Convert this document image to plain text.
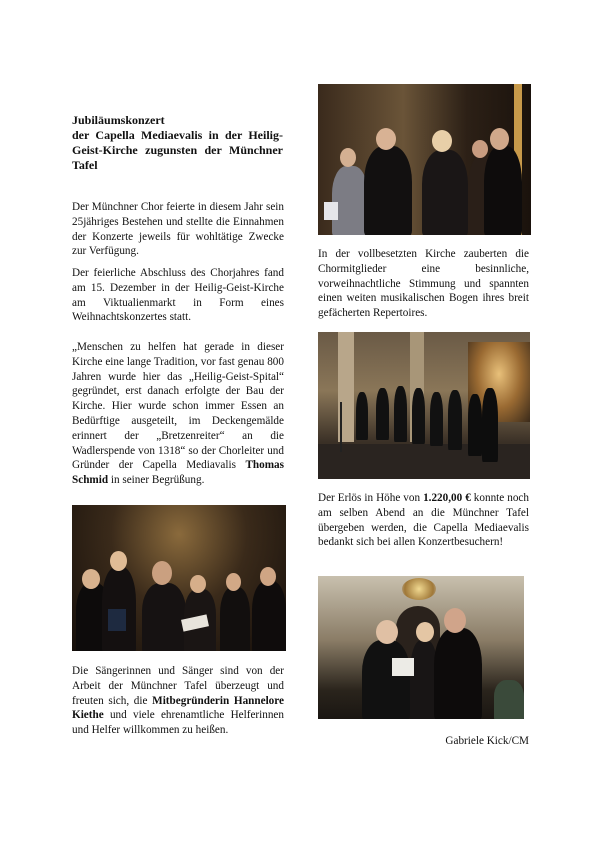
Jubiläumskonzert
der Capella Mediaevalis in der Heilig-Geist-Kirche zugunsten der Münchner Tafel
Der Münchner Chor feierte in diesem Jahr sein 25jähriges Bestehen und stellte die Einnahmen der Konzerte jeweils für wohltätige Zwecke zur Verfügung.
Der feierliche Abschluss des Chorjahres fand am 15. Dezember in der Heilig-Geist-Kirche am Viktualienmarkt in Form eines Weihnachtskonzertes statt.
„Menschen zu helfen hat gerade in dieser Kirche eine lange Tradition, vor fast genau 800 Jahren wurde hier das „Heilig-Geist-Spital“ gegründet, erst danach erfolgte der Bau der Kirche. Hier wurde schon immer Essen an Bedürftige ausgeteilt, im Deckengemälde erinnert der „Bretzenreiter“ an die Wadlerspende von 1318“ so der Chorleiter und Gründer der Capella Mediavalis Thomas Schmid in seiner Begrüßung.
Die Sängerinnen und Sänger sind von der Arbeit der Münchner Tafel überzeugt und freuten sich, die Mitbegründerin Hannelore Kiethe und viele ehrenamtliche Helferinnen und Helfer willkommen zu heißen.
In der vollbesetzten Kirche zauberten die Chormitglieder eine besinnliche, vorweihnachtliche Stimmung und spannten einen weiten musikalischen Bogen ihres breit gefächerten Repertoires.
Der Erlös in Höhe von 1.220,00 € konnte noch am selben Abend an die Münchner Tafel übergeben werden, die Capella Mediaevalis bedankt sich bei allen Konzertbesuchern!
Gabriele Kick/CM
